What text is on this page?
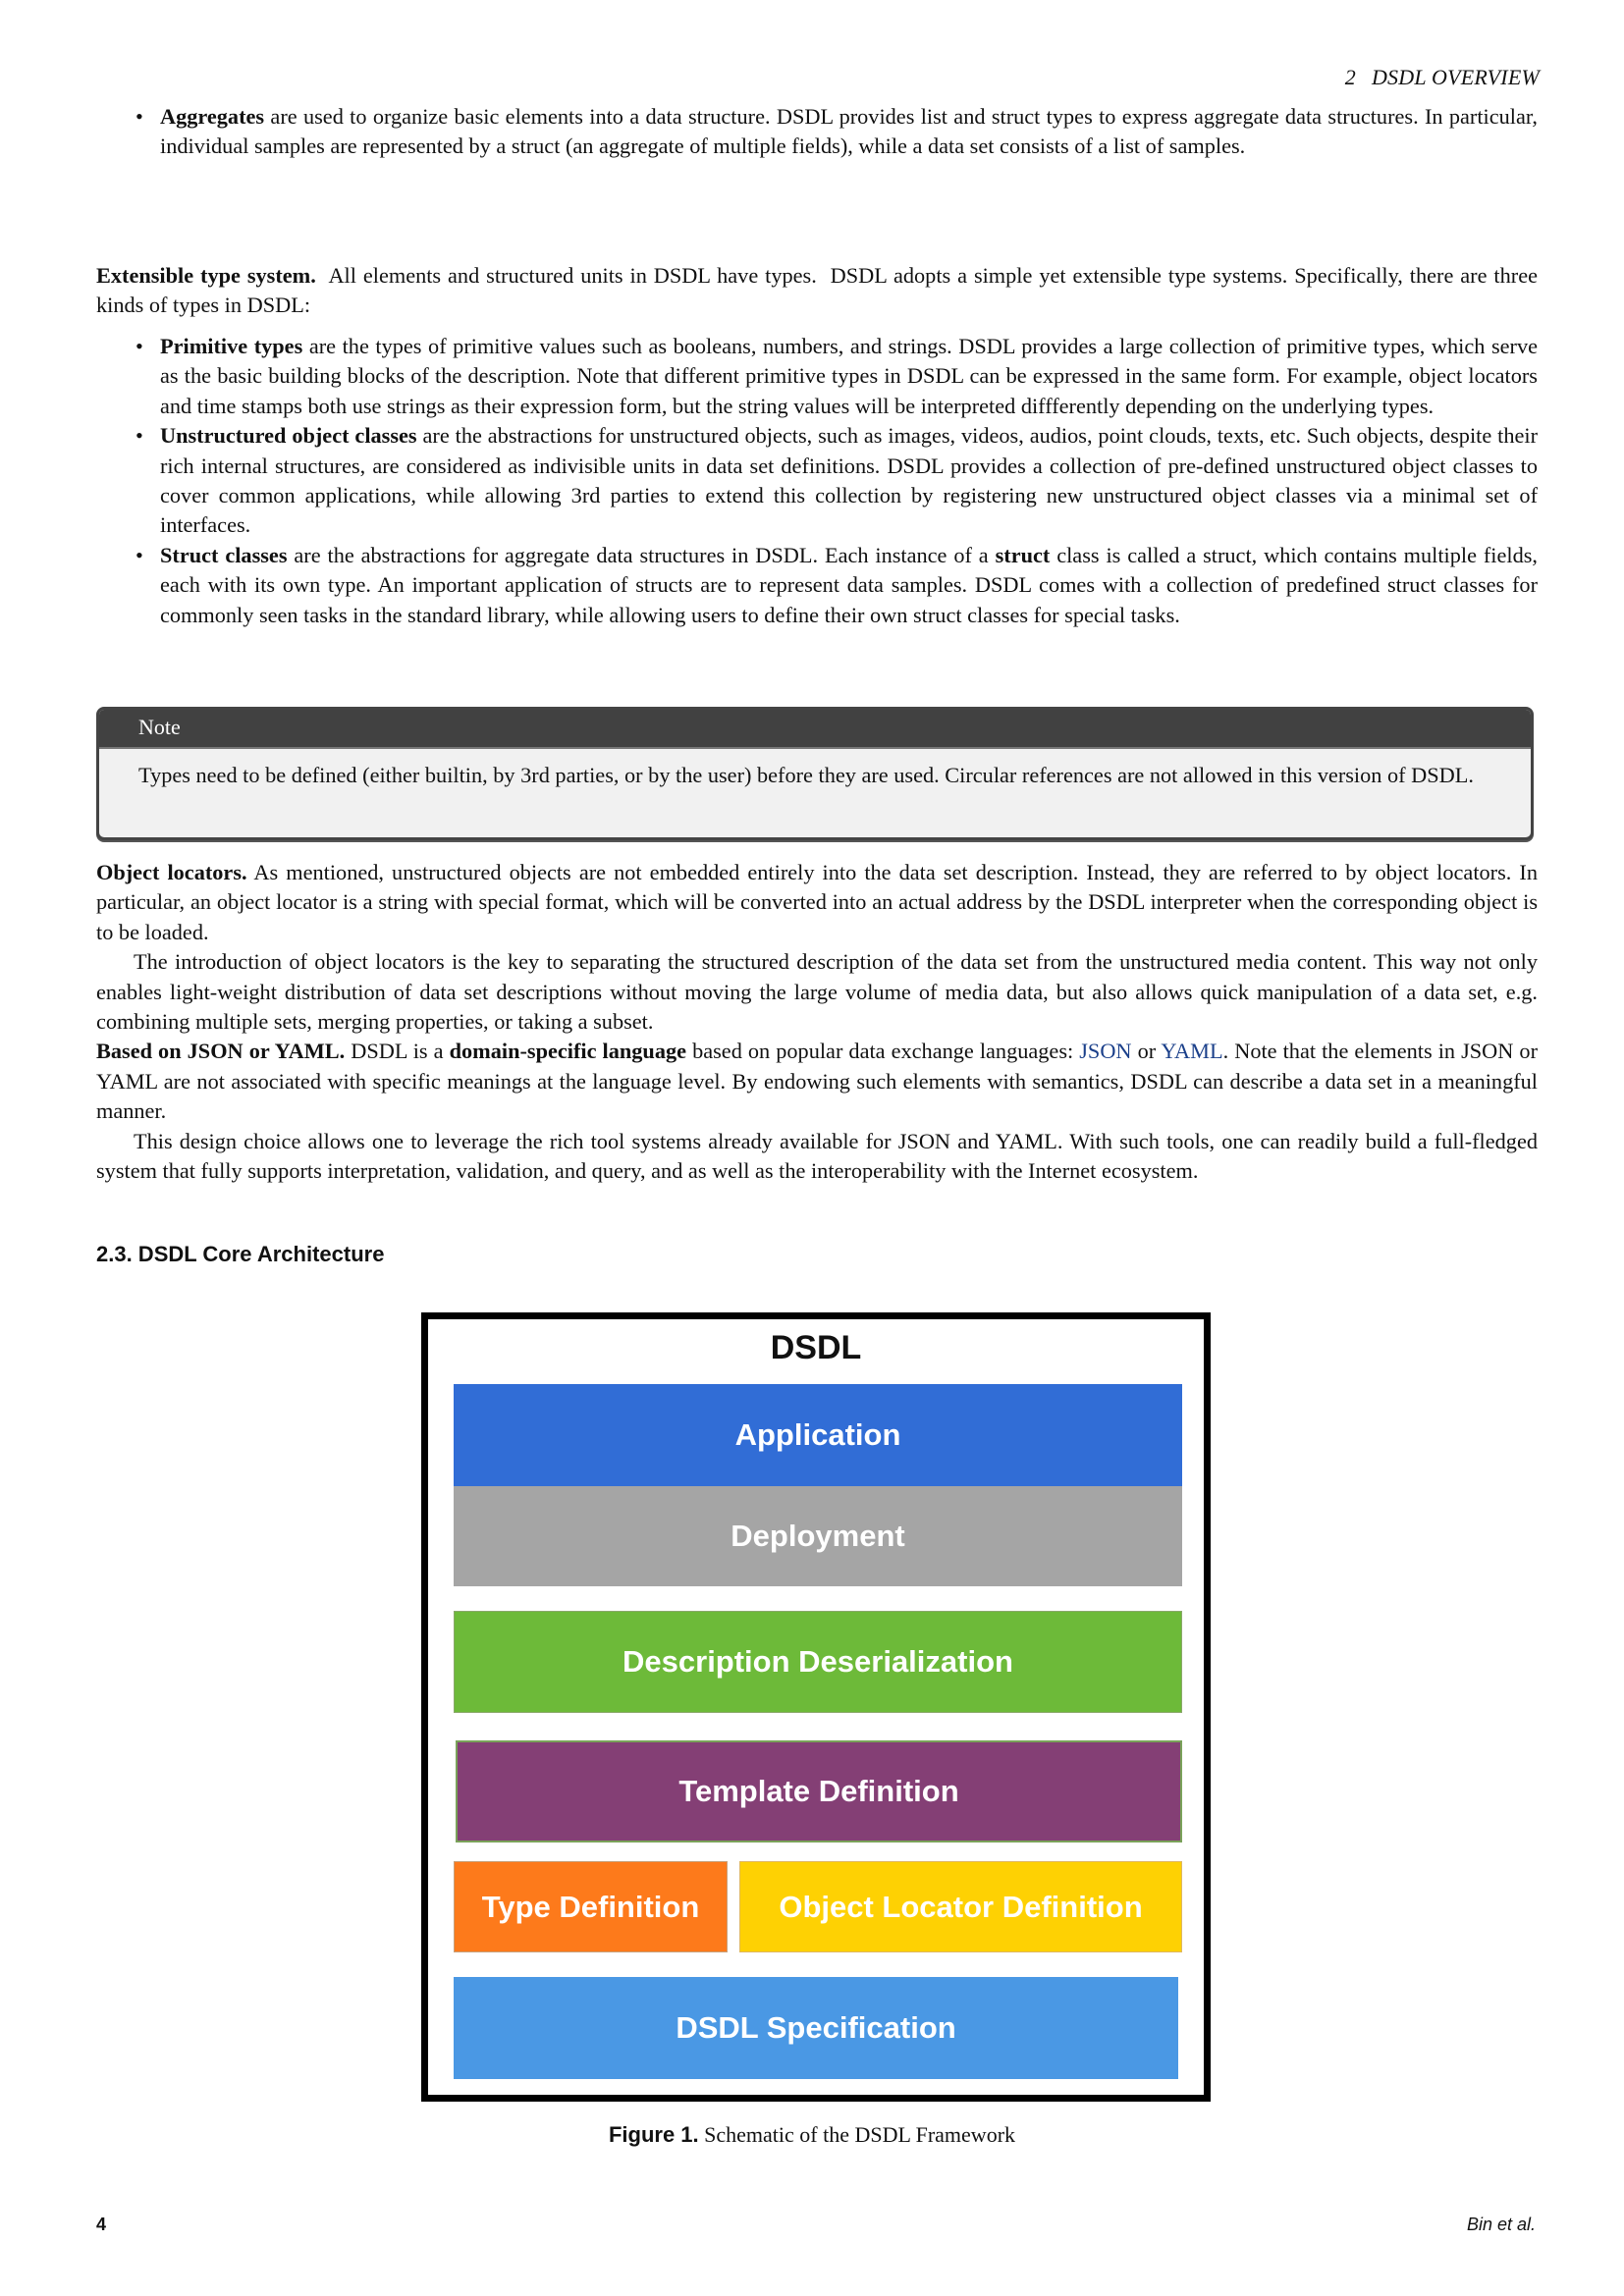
2 DSDL OVERVIEW
• Aggregates are used to organize basic elements into a data structure. DSDL provides list and struct types to express aggregate data structures. In particular, individual samples are represented by a struct (an aggregate of multiple fields), while a data set consists of a list of samples.
Extensible type system.  All elements and structured units in DSDL have types.  DSDL adopts a simple yet extensible type systems. Specifically, there are three kinds of types in DSDL:
• Primitive types are the types of primitive values such as booleans, numbers, and strings. DSDL provides a large collection of primitive types, which serve as the basic building blocks of the description. Note that different primitive types in DSDL can be expressed in the same form. For example, object locators and time stamps both use strings as their expression form, but the string values will be interpreted diffferently depending on the underlying types.
• Unstructured object classes are the abstractions for unstructured objects, such as images, videos, audios, point clouds, texts, etc. Such objects, despite their rich internal structures, are considered as indivisible units in data set definitions. DSDL provides a collection of pre-defined unstructured object classes to cover common applications, while allowing 3rd parties to extend this collection by registering new unstructured object classes via a minimal set of interfaces.
• Struct classes are the abstractions for aggregate data structures in DSDL. Each instance of a struct class is called a struct, which contains multiple fields, each with its own type. An important application of structs are to represent data samples. DSDL comes with a collection of predefined struct classes for commonly seen tasks in the standard library, while allowing users to define their own struct classes for special tasks.
Note
Types need to be defined (either builtin, by 3rd parties, or by the user) before they are used. Circular references are not allowed in this version of DSDL.
Object locators. As mentioned, unstructured objects are not embedded entirely into the data set description. Instead, they are referred to by object locators. In particular, an object locator is a string with special format, which will be converted into an actual address by the DSDL interpreter when the corresponding object is to be loaded.
The introduction of object locators is the key to separating the structured description of the data set from the unstructured media content. This way not only enables light-weight distribution of data set descriptions without moving the large volume of media data, but also allows quick manipulation of a data set, e.g. combining multiple sets, merging properties, or taking a subset.
Based on JSON or YAML. DSDL is a domain-specific language based on popular data exchange languages: JSON or YAML. Note that the elements in JSON or YAML are not associated with specific meanings at the language level. By endowing such elements with semantics, DSDL can describe a data set in a meaningful manner.
This design choice allows one to leverage the rich tool systems already available for JSON and YAML. With such tools, one can readily build a full-fledged system that fully supports interpretation, validation, and query, and as well as the interoperability with the Internet ecosystem.
2.3. DSDL Core Architecture
DSDL
Application
Deployment
Description Deserialization
Template Definition
Type Definition	Object Locator Definition
DSDL Specification
Figure 1. Schematic of the DSDL Framework
4	Bin et al.
